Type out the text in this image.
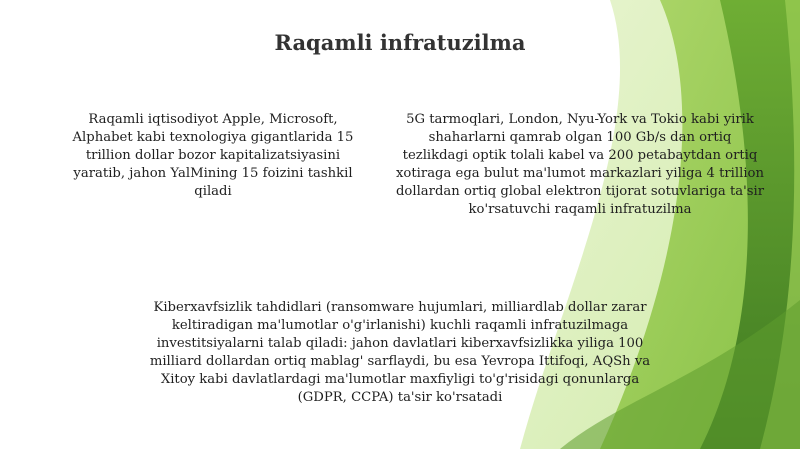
Raqamli infratuzilma

Raqamli iqtisodiyot Apple, Microsoft, Alphabet kabi texnologiya gigantlarida 15 trillion dollar bozor kapitalizatsiyasini yaratib, jahon YalMining 15 foizini tashkil qiladi

5G tarmoqlari, London, Nyu-York va Tokio kabi yirik shaharlarni qamrab olgan 100 Gb/s dan ortiq tezlikdagi optik tolali kabel va 200 petabaytdan ortiq xotiraga ega bulut ma'lumot markazlari yiliga 4 trillion dollardan ortiq global elektron tijorat sotuvlariga ta'sir ko'rsatuvchi raqamli infratuzilma

Kiberxavfsizlik tahdidlari (ransomware hujumlari, milliardlab dollar zarar keltiradigan ma'lumotlar o'g'irlanishi) kuchli raqamli infratuzilmaga investitsiyalarni talab qiladi: jahon davlatlari kiberxavfsizlikka yiliga 100 milliard dollardan ortiq mablag' sarflaydi, bu esa Yevropa Ittifoqi, AQSh va Xitoy kabi davlatlardagi ma'lumotlar maxfiyligi to'g'risidagi qonunlarga (GDPR, CCPA) ta'sir ko'rsatadi
